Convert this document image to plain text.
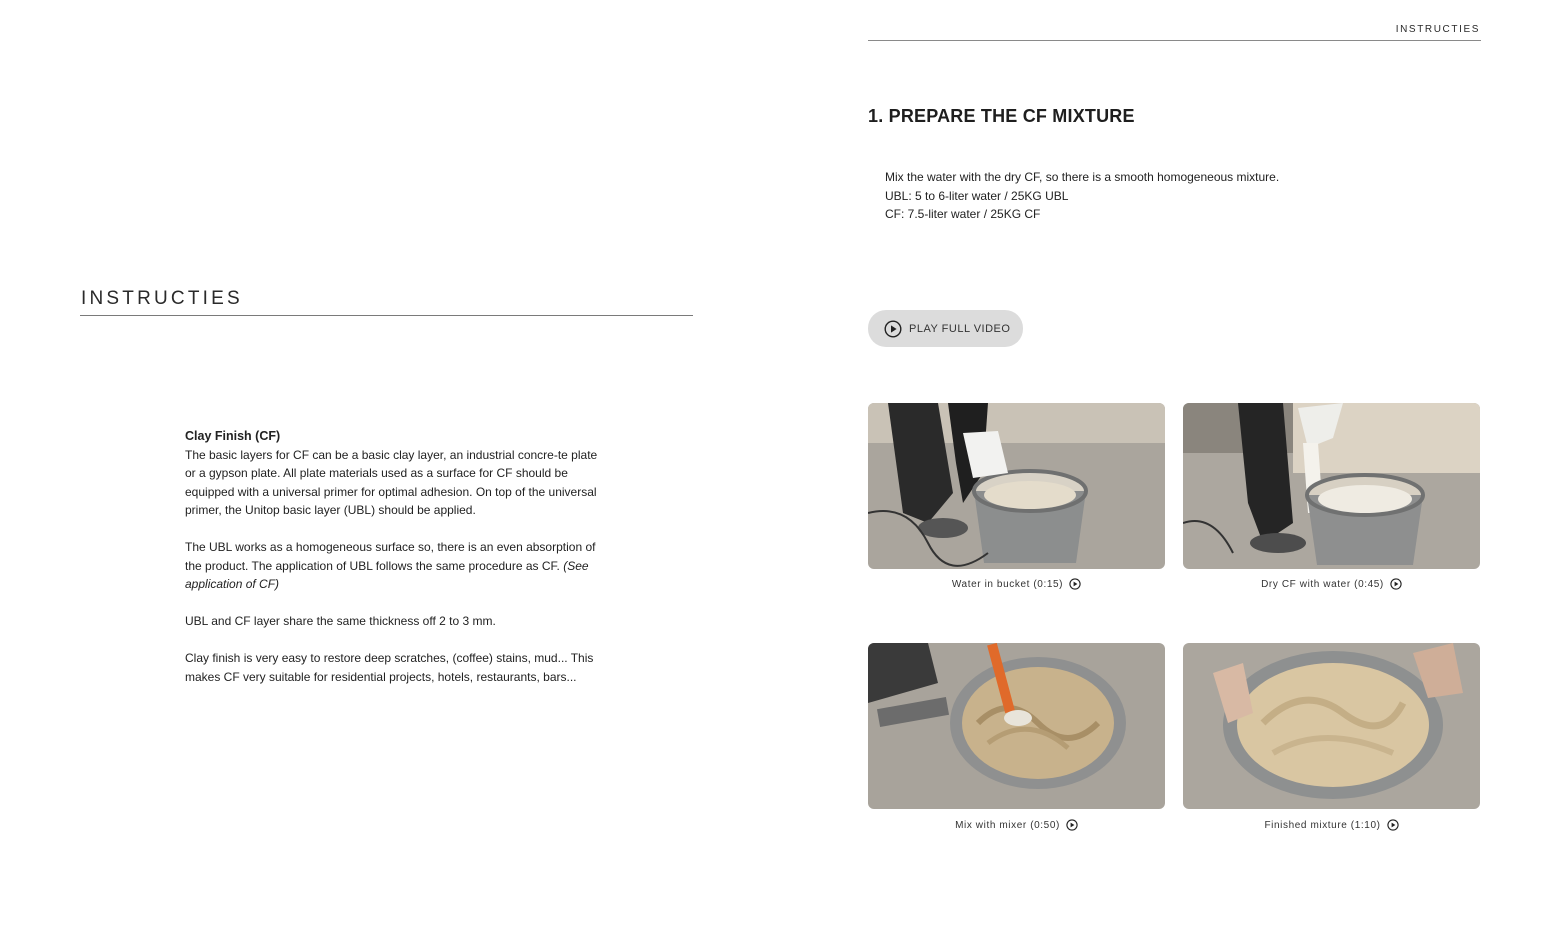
INSTRUCTIES

Clay Finish (CF)

The basic layers for CF can be a basic clay layer, an industrial concre-te plate or a gypson plate. All plate materials used as a surface for CF should be equipped with a universal primer for optimal adhesion. On top of the universal primer, the Unitop basic layer (UBL) should be applied.

The UBL works as a homogeneous surface so, there is an even absorption of the product. The application of UBL follows the same procedure as CF. (See application of CF)

UBL and CF layer share the same thickness off 2 to 3 mm.

Clay finish is very easy to restore deep scratches, (coffee) stains, mud... This makes CF very suitable for residential projects, hotels, restaurants, bars...

INSTRUCTIES
1. PREPARE THE CF MIXTURE
Mix the water with the dry CF, so there is a smooth homogeneous mixture.
UBL: 5 to 6-liter water / 25KG UBL
CF: 7.5-liter water / 25KG CF
PLAY FULL VIDEO
Water in bucket (0:15)	Dry CF with water (0:45)
Mix with mixer (0:50)	Finished mixture (1:10)
